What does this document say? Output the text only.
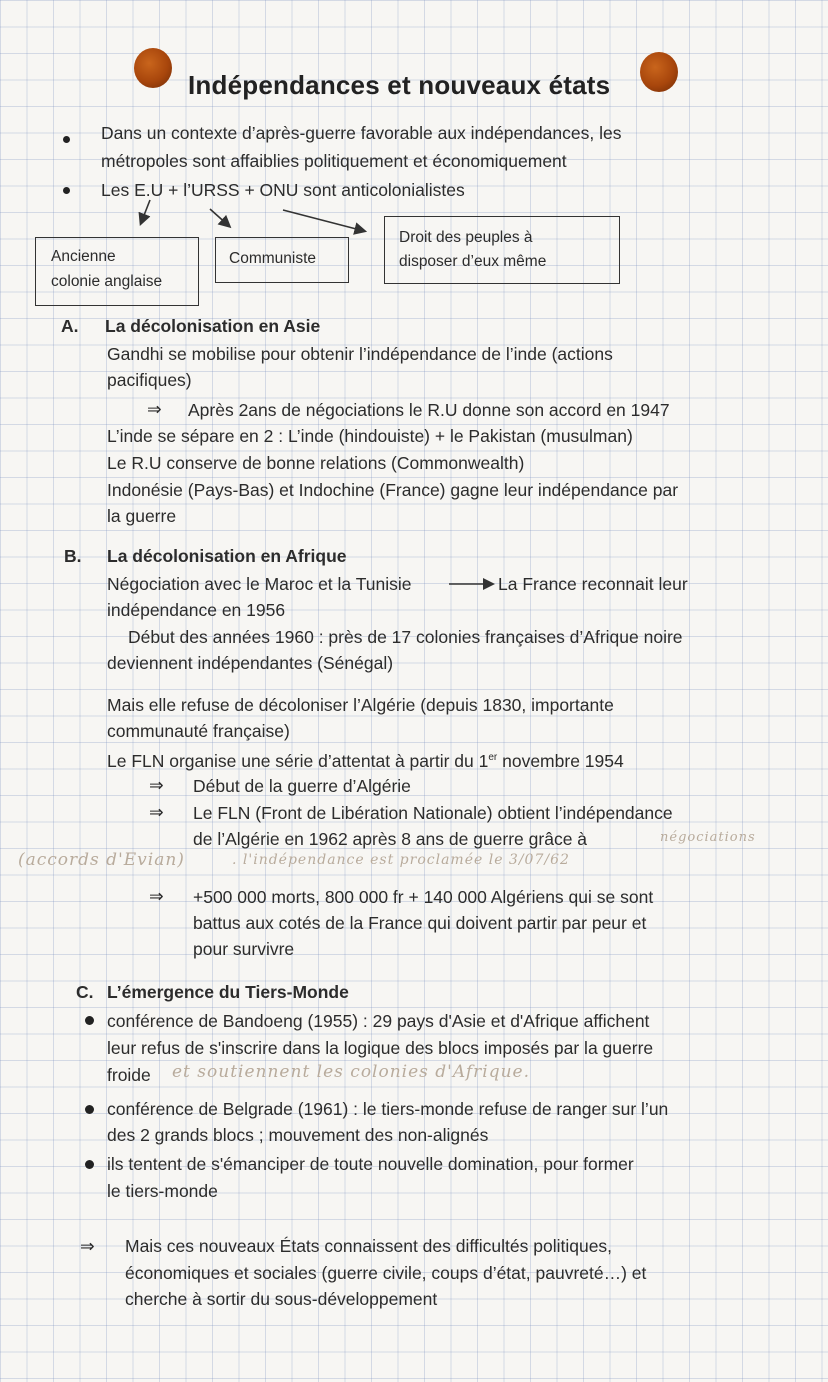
Indépendances et nouveaux états
Dans un contexte d’après-guerre favorable aux indépendances, les
métropoles sont affaiblies politiquement et économiquement
Les E.U + l’URSS + ONU sont anticolonialistes
Ancienne
colonie anglaise
Communiste
Droit des peuples à
disposer d’eux même
A. La décolonisation en Asie
Gandhi se mobilise pour obtenir l’indépendance de l’inde (actions
pacifiques)
⇒ Après 2ans de négociations le R.U donne son accord en 1947
L’inde se sépare en 2 : L’inde (hindouiste) + le Pakistan (musulman)
Le R.U conserve de bonne relations (Commonwealth)
Indonésie (Pays-Bas) et Indochine (France) gagne leur indépendance par
la guerre
B. La décolonisation en Afrique
Négociation avec le Maroc et la Tunisie	La France reconnait leur
indépendance en 1956
Début des années 1960 : près de 17 colonies françaises d’Afrique noire
deviennent indépendantes (Sénégal)
Mais elle refuse de décoloniser l’Algérie (depuis 1830, importante
communauté française)
Le FLN organise une série d’attentat à partir du 1er novembre 1954
⇒ Début de la guerre d’Algérie
⇒ Le FLN (Front de Libération Nationale) obtient l’indépendance
de l’Algérie en 1962 après 8 ans de guerre grâce à	négociations
(accords d'Evian)	. l'indépendance est proclamée le 3/07/62
⇒ +500 000 morts, 800 000 fr + 140 000 Algériens qui se sont
battus aux cotés de la France qui doivent partir par peur et
pour survivre
C. L’émergence du Tiers-Monde
conférence de Bandoeng (1955) : 29 pays d'Asie et d'Afrique affichent
leur refus de s'inscrire dans la logique des blocs imposés par la guerre
froide et soutiennent les colonies d'Afrique.
conférence de Belgrade (1961) : le tiers-monde refuse de ranger sur l’un
des 2 grands blocs ; mouvement des non-alignés
ils tentent de s'émanciper de toute nouvelle domination, pour former
le tiers-monde
⇒ Mais ces nouveaux États connaissent des difficultés politiques,
économiques et sociales (guerre civile, coups d’état, pauvreté…) et
cherche à sortir du sous-développement
